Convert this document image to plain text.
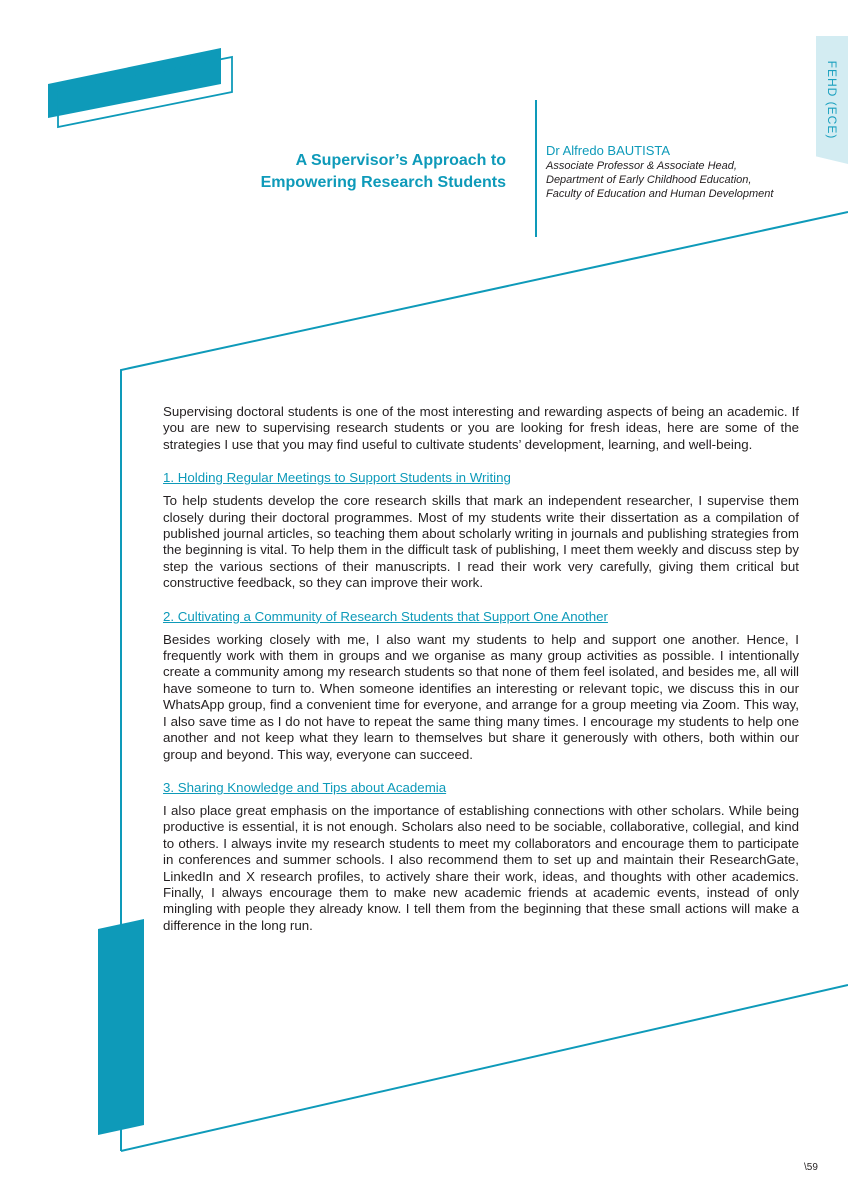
FEHD (ECE)
A Supervisor’s Approach to Empowering Research Students
Dr Alfredo BAUTISTA
Associate Professor & Associate Head,
Department of Early Childhood Education,
Faculty of Education and Human Development

Supervising doctoral students is one of the most interesting and rewarding aspects of being an academic. If you are new to supervising research students or you are looking for fresh ideas, here are some of the strategies I use that you may find useful to cultivate students’ development, learning, and well-being.

1. Holding Regular Meetings to Support Students in Writing

To help students develop the core research skills that mark an independent researcher, I supervise them closely during their doctoral programmes. Most of my students write their dissertation as a compilation of published journal articles, so teaching them about scholarly writing in journals and publishing strategies from the beginning is vital. To help them in the difficult task of publishing, I meet them weekly and discuss step by step the various sections of their manuscripts. I read their work very carefully, giving them critical but constructive feedback, so they can improve their work.

2. Cultivating a Community of Research Students that Support One Another

Besides working closely with me, I also want my students to help and support one another. Hence, I frequently work with them in groups and we organise as many group activities as possible. I intentionally create a community among my research students so that none of them feel isolated, and besides me, all will have someone to turn to. When someone identifies an interesting or relevant topic, we discuss this in our WhatsApp group, find a convenient time for everyone, and arrange for a group meeting via Zoom. This way, I also save time as I do not have to repeat the same thing many times. I encourage my students to help one another and not keep what they learn to themselves but share it generously with others, both within our group and beyond. This way, everyone can succeed.

3. Sharing Knowledge and Tips about Academia

I also place great emphasis on the importance of establishing connections with other scholars. While being productive is essential, it is not enough. Scholars also need to be sociable, collaborative, collegial, and kind to others. I always invite my research students to meet my collaborators and encourage them to participate in conferences and summer schools. I also recommend them to set up and maintain their ResearchGate, LinkedIn and X research profiles, to actively share their work, ideas, and thoughts with other academics. Finally, I always encourage them to make new academic friends at academic events, instead of only mingling with people they already know. I tell them from the beginning that these small actions will make a difference in the long run.

\59
